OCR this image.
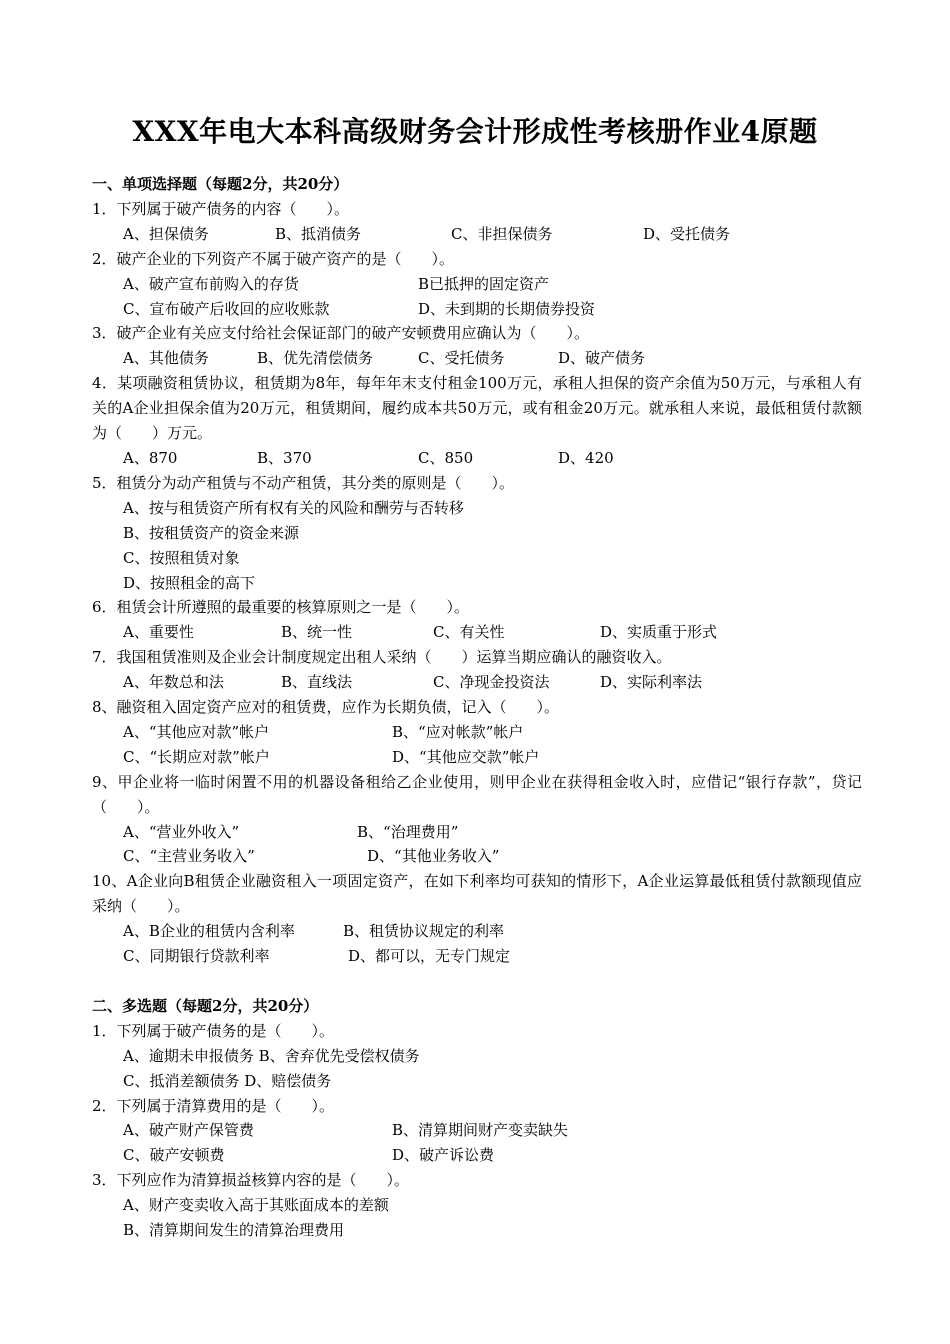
XXX年电大本科高级财务会计形成性考核册作业4原题
一、单项选择题（每题2分，共20分）
1．下列属于破产债务的内容（　　）。
A、担保债务	B、抵消债务	C、非担保债务	D、受托债务
2．破产企业的下列资产不属于破产资产的是（　　）。
A、破产宣布前购入的存货	B已抵押的固定资产
C、宣布破产后收回的应收账款	D、未到期的长期债券投资
3．破产企业有关应支付给社会保证部门的破产安顿费用应确认为（　　）。
A、其他债务	B、优先清偿债务	C、受托债务	D、破产债务
4．某项融资租赁协议，租赁期为8年，每年年末支付租金100万元，承租人担保的资产余值为50万元，与承租人有关的A企业担保余值为20万元，租赁期间，履约成本共50万元，或有租金20万元。就承租人来说，最低租赁付款额为（　　）万元。
A、870	B、370	C、850	D、420
5．租赁分为动产租赁与不动产租赁，其分类的原则是（　　）。
A、按与租赁资产所有权有关的风险和酬劳与否转移
B、按租赁资产的资金来源
C、按照租赁对象
D、按照租金的高下
6．租赁会计所遵照的最重要的核算原则之一是（　　）。
A、重要性	B、统一性	C、有关性	D、实质重于形式
7．我国租赁准则及企业会计制度规定出租人采纳（　　）运算当期应确认的融资收入。
A、年数总和法	B、直线法	C、净现金投资法	D、实际利率法
8、融资租入固定资产应对的租赁费，应作为长期负债，记入（　　）。
A、“其他应对款”帐户	B、“应对帐款”帐户
C、“长期应对款”帐户	D、“其他应交款”帐户
9、甲企业将一临时闲置不用的机器设备租给乙企业使用，则甲企业在获得租金收入时，应借记“银行存款”，贷记（　　）。
A、“营业外收入”	B、“治理费用”
C、“主营业务收入”	D、“其他业务收入”
10、A企业向B租赁企业融资租入一项固定资产，在如下利率均可获知的情形下，A企业运算最低租赁付款额现值应采纳（　　）。
A、B企业的租赁内含利率	B、租赁协议规定的利率
C、同期银行贷款利率	D、都可以，无专门规定
二、多选题（每题2分，共20分）
1．下列属于破产债务的是（　　）。
A、逾期未申报债务 B、舍弃优先受偿权债务
C、抵消差额债务 D、赔偿债务
2．下列属于清算费用的是（　　）。
A、破产财产保管费	B、清算期间财产变卖缺失
C、破产安顿费	D、破产诉讼费
3．下列应作为清算损益核算内容的是（　　）。
A、财产变卖收入高于其账面成本的差额
B、清算期间发生的清算治理费用
